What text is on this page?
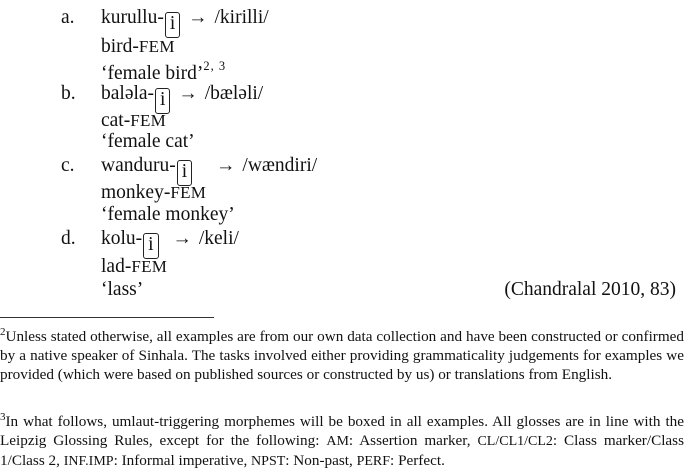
a. kurullu- i → /kirilli/
bird-FEM
‘female bird’$^{2, 3}$
b. baləla- i → /bæləli/
cat-FEM
‘female cat’
c. wanduru- i → /wændiri/
monkey-FEM
‘female monkey’
d. kolu- i → /keli/
lad-FEM
‘lass’	(Chandralal 2010, 83)
$^2$Unless stated otherwise, all examples are from our own data collection and have been constructed or confirmed by a native speaker of Sinhala. The tasks involved either providing grammaticality judgements for examples we provided (which were based on published sources or constructed by us) or translations from English.
$^3$In what follows, umlaut-triggering morphemes will be boxed in all examples. All glosses are in line with the Leipzig Glossing Rules, except for the following: AM: Assertion marker, CL/CL1/CL2: Class marker/Class 1/Class 2, INF.IMP: Informal imperative, NPST: Non-past, PERF: Perfect.
